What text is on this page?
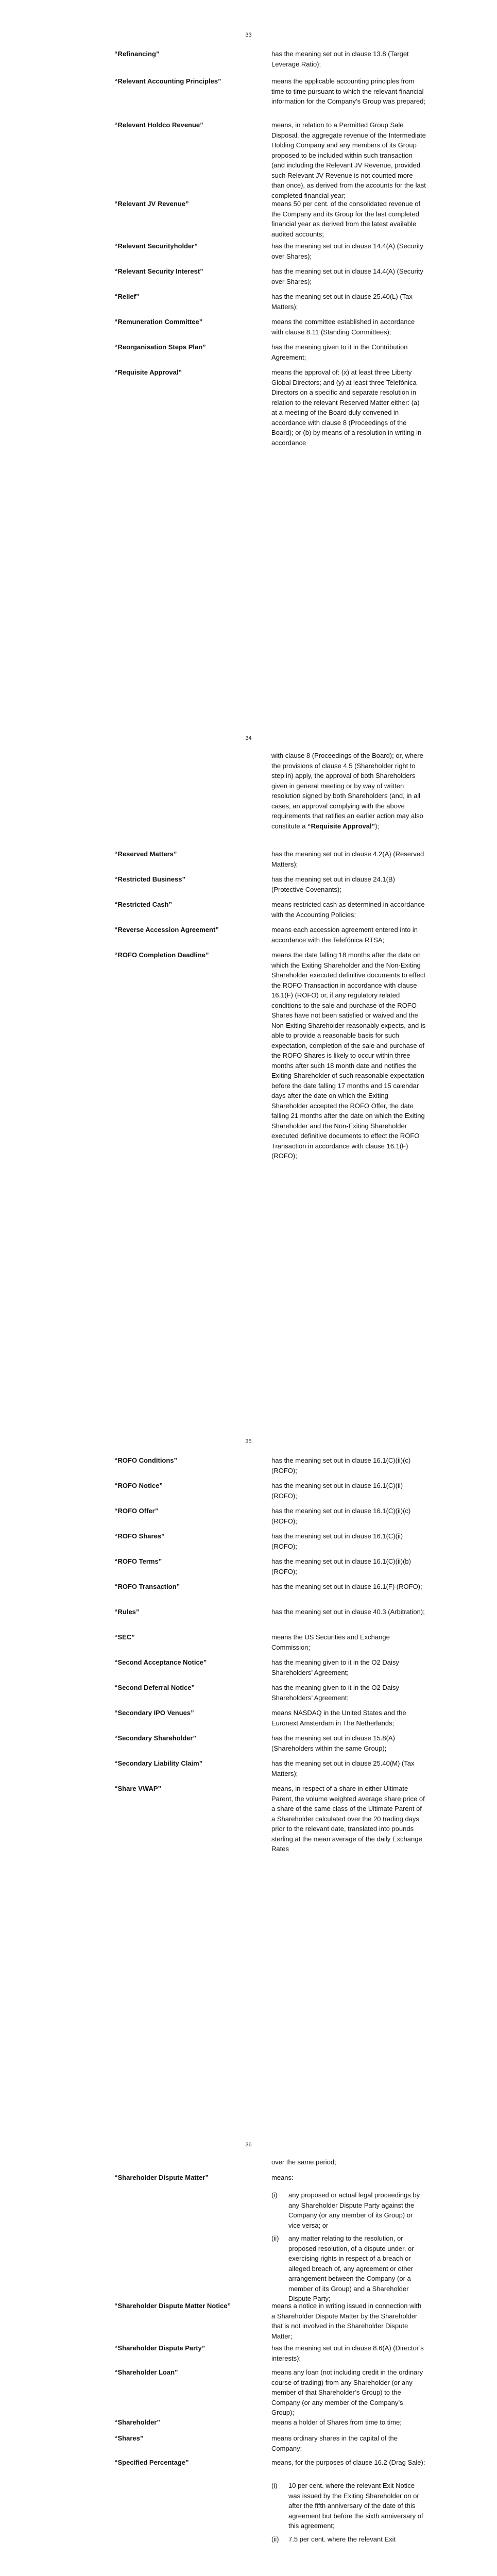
33
“Refinancing”	has the meaning set out in clause 13.8 (Target Leverage Ratio);
“Relevant Accounting Principles”	means the applicable accounting principles from time to time pursuant to which the relevant financial information for the Company’s Group was prepared;
“Relevant Holdco Revenue”	means, in relation to a Permitted Group Sale Disposal, the aggregate revenue of the Intermediate Holding Company and any members of its Group proposed to be included within such transaction (and including the Relevant JV Revenue, provided such Relevant JV Revenue is not counted more than once), as derived from the accounts for the last completed financial year;
“Relevant JV Revenue”	means 50 per cent. of the consolidated revenue of the Company and its Group for the last completed financial year as derived from the latest available audited accounts;
“Relevant Securityholder”	has the meaning set out in clause 14.4(A) (Security over Shares);
“Relevant Security Interest”	has the meaning set out in clause 14.4(A) (Security over Shares);
“Relief”	has the meaning set out in clause 25.40(L) (Tax Matters);
“Remuneration Committee”	means the committee established in accordance with clause 8.11 (Standing Committees);
“Reorganisation Steps Plan”	has the meaning given to it in the Contribution Agreement;
“Requisite Approval”	means the approval of: (x) at least three Liberty Global Directors; and (y) at least three Telefónica Directors on a specific and separate resolution in relation to the relevant Reserved Matter either: (a) at a meeting of the Board duly convened in accordance with clause 8 (Proceedings of the Board); or (b) by means of a resolution in writing in accordance
34
with clause 8 (Proceedings of the Board); or, where the provisions of clause 4.5 (Shareholder right to step in) apply, the approval of both Shareholders given in general meeting or by way of written resolution signed by both Shareholders (and, in all cases, an approval complying with the above requirements that ratifies an earlier action may also constitute a “Requisite Approval”);
“Reserved Matters”	has the meaning set out in clause 4.2(A) (Reserved Matters);
“Restricted Business”	has the meaning set out in clause 24.1(B) (Protective Covenants);
“Restricted Cash”	means restricted cash as determined in accordance with the Accounting Policies;
“Reverse Accession Agreement”	means each accession agreement entered into in accordance with the Telefónica RTSA;
“ROFO Completion Deadline”	means the date falling 18 months after the date on which the Exiting Shareholder and the Non-Exiting Shareholder executed definitive documents to effect the ROFO Transaction in accordance with clause 16.1(F) (ROFO) or, if any regulatory related conditions to the sale and purchase of the ROFO Shares have not been satisfied or waived and the Non-Exiting Shareholder reasonably expects, and is able to provide a reasonable basis for such expectation, completion of the sale and purchase of the ROFO Shares is likely to occur within three months after such 18 month date and notifies the Exiting Shareholder of such reasonable expectation before the date falling 17 months and 15 calendar days after the date on which the Exiting Shareholder accepted the ROFO Offer, the date falling 21 months after the date on which the Exiting Shareholder and the Non-Exiting Shareholder executed definitive documents to effect the ROFO Transaction in accordance with clause 16.1(F) (ROFO);
35
“ROFO Conditions”	has the meaning set out in clause 16.1(C)(ii)(c) (ROFO);
“ROFO Notice”	has the meaning set out in clause 16.1(C)(ii) (ROFO);
“ROFO Offer”	has the meaning set out in clause 16.1(C)(ii)(c) (ROFO);
“ROFO Shares”	has the meaning set out in clause 16.1(C)(ii) (ROFO);
“ROFO Terms”	has the meaning set out in clause 16.1(C)(ii)(b) (ROFO);
“ROFO Transaction”	has the meaning set out in clause 16.1(F) (ROFO);
“Rules”	has the meaning set out in clause 40.3 (Arbitration);
“SEC”	means the US Securities and Exchange Commission;
“Second Acceptance Notice”	has the meaning given to it in the O2 Daisy Shareholders’ Agreement;
“Second Deferral Notice”	has the meaning given to it in the O2 Daisy Shareholders’ Agreement;
“Secondary IPO Venues”	means NASDAQ in the United States and the Euronext Amsterdam in The Netherlands;
“Secondary Shareholder”	has the meaning set out in clause 15.8(A) (Shareholders within the same Group);
“Secondary Liability Claim”	has the meaning set out in clause 25.40(M) (Tax Matters);
“Share VWAP”	means, in respect of a share in either Ultimate Parent, the volume weighted average share price of a share of the same class of the Ultimate Parent of a Shareholder calculated over the 20 trading days prior to the relevant date, translated into pounds sterling at the mean average of the daily Exchange Rates
36
over the same period;
“Shareholder Dispute Matter”	means:
(i)	any proposed or actual legal proceedings by any Shareholder Dispute Party against the Company (or any member of its Group) or vice versa; or
(ii)	any matter relating to the resolution, or proposed resolution, of a dispute under, or exercising rights in respect of a breach or alleged breach of, any agreement or other arrangement between the Company (or a member of its Group) and a Shareholder Dispute Party;
“Shareholder Dispute Matter Notice”	means a notice in writing issued in connection with a Shareholder Dispute Matter by the Shareholder that is not involved in the Shareholder Dispute Matter;
“Shareholder Dispute Party”	has the meaning set out in clause 8.6(A) (Director’s interests);
“Shareholder Loan”	means any loan (not including credit in the ordinary course of trading) from any Shareholder (or any member of that Shareholder’s Group) to the Company (or any member of the Company’s Group);
“Shareholder”	means a holder of Shares from time to time;
“Shares”	means ordinary shares in the capital of the Company;
“Specified Percentage”	means, for the purposes of clause 16.2 (Drag Sale):
(i)	10 per cent. where the relevant Exit Notice was issued by the Exiting Shareholder on or after the fifth anniversary of the date of this agreement but before the sixth anniversary of this agreement;
(ii)	7.5 per cent. where the relevant Exit
